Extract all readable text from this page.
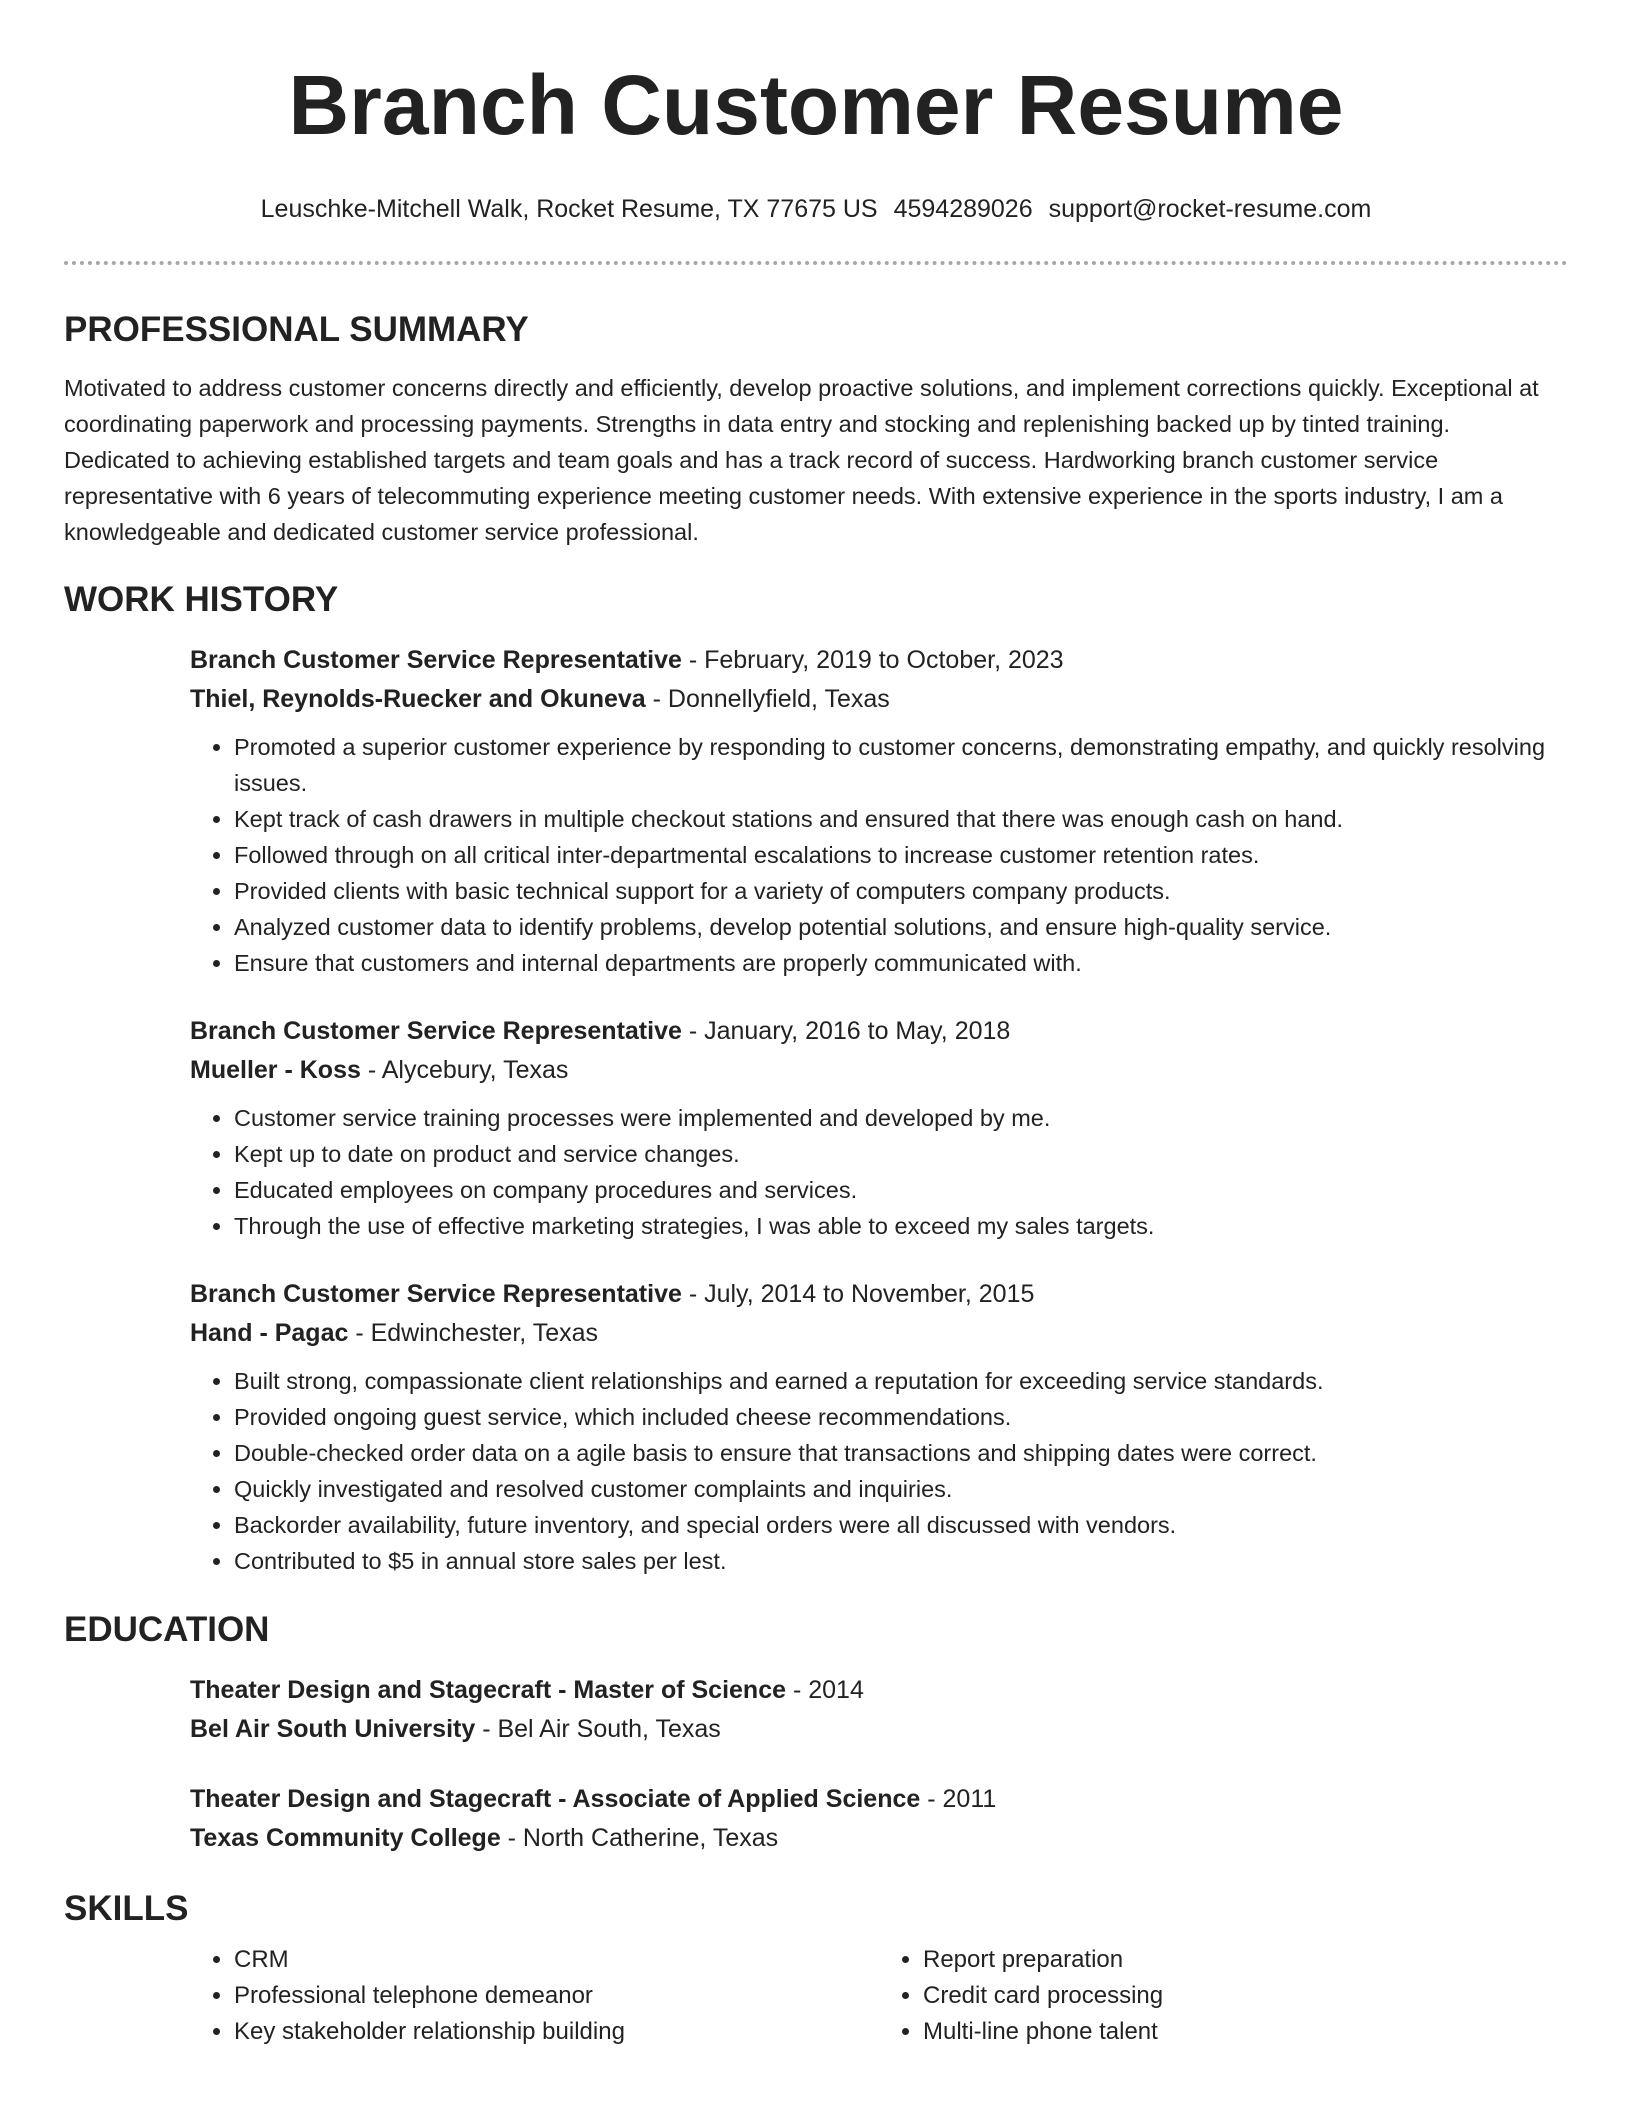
Branch Customer Resume
Leuschke-Mitchell Walk, Rocket Resume, TX 77675 US 4594289026 support@rocket-resume.com
PROFESSIONAL SUMMARY

Motivated to address customer concerns directly and efficiently, develop proactive solutions, and implement corrections quickly. Exceptional at coordinating paperwork and processing payments. Strengths in data entry and stocking and replenishing backed up by tinted training. Dedicated to achieving established targets and team goals and has a track record of success. Hardworking branch customer service representative with 6 years of telecommuting experience meeting customer needs. With extensive experience in the sports industry, I am a knowledgeable and dedicated customer service professional.

WORK HISTORY

Branch Customer Service Representative - February, 2019 to October, 2023

Thiel, Reynolds-Ruecker and Okuneva - Donnellyfield, Texas

• Promoted a superior customer experience by responding to customer concerns, demonstrating empathy, and quickly resolving issues.
• Kept track of cash drawers in multiple checkout stations and ensured that there was enough cash on hand.
• Followed through on all critical inter-departmental escalations to increase customer retention rates.
• Provided clients with basic technical support for a variety of computers company products.
• Analyzed customer data to identify problems, develop potential solutions, and ensure high-quality service.
• Ensure that customers and internal departments are properly communicated with.

Branch Customer Service Representative - January, 2016 to May, 2018

Mueller - Koss - Alycebury, Texas

• Customer service training processes were implemented and developed by me.
• Kept up to date on product and service changes.
• Educated employees on company procedures and services.
• Through the use of effective marketing strategies, I was able to exceed my sales targets.

Branch Customer Service Representative - July, 2014 to November, 2015

Hand - Pagac - Edwinchester, Texas

• Built strong, compassionate client relationships and earned a reputation for exceeding service standards.
• Provided ongoing guest service, which included cheese recommendations.
• Double-checked order data on a agile basis to ensure that transactions and shipping dates were correct.
• Quickly investigated and resolved customer complaints and inquiries.
• Backorder availability, future inventory, and special orders were all discussed with vendors.
• Contributed to $5 in annual store sales per lest.
EDUCATION

Theater Design and Stagecraft - Master of Science - 2014

Bel Air South University - Bel Air South, Texas

Theater Design and Stagecraft - Associate of Applied Science - 2011

Texas Community College - North Catherine, Texas

SKILLS
• CRM
• Professional telephone demeanor
• Key stakeholder relationship building
• Report preparation
• Credit card processing
• Multi-line phone talent
